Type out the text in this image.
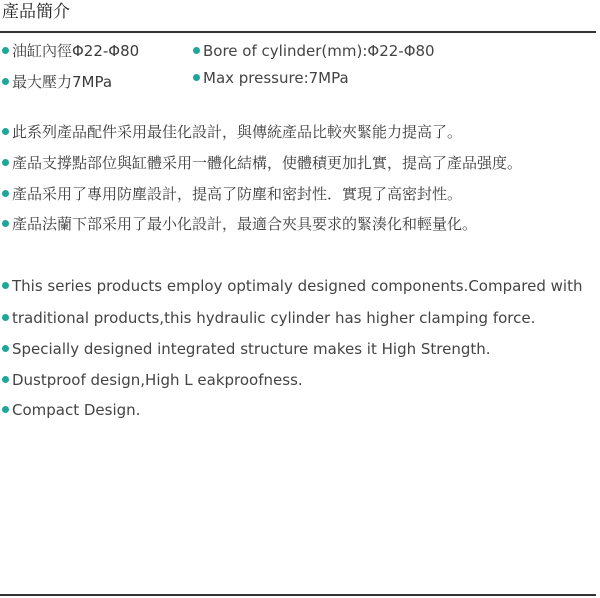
產品簡介
油缸內徑Φ22-Φ80
最大壓力7MPa
Bore of cylinder(mm):Φ22-Φ80
Max pressure:7MPa
此系列產品配件采用最佳化設計，與傳統產品比較夾緊能力提高了。
產品支撐點部位與缸體采用一體化結構，使體積更加扎實，提高了產品强度。
產品采用了專用防塵設計，提高了防塵和密封性．實現了高密封性。
產品法蘭下部采用了最小化設計，最適合夾具要求的緊湊化和輕量化。
This series products employ optimaly designed components.Compared with
traditional products,this hydraulic cylinder has higher clamping force.
Specially designed integrated structure makes it High Strength.
Dustproof design,High L eakproofness.
Compact Design.
